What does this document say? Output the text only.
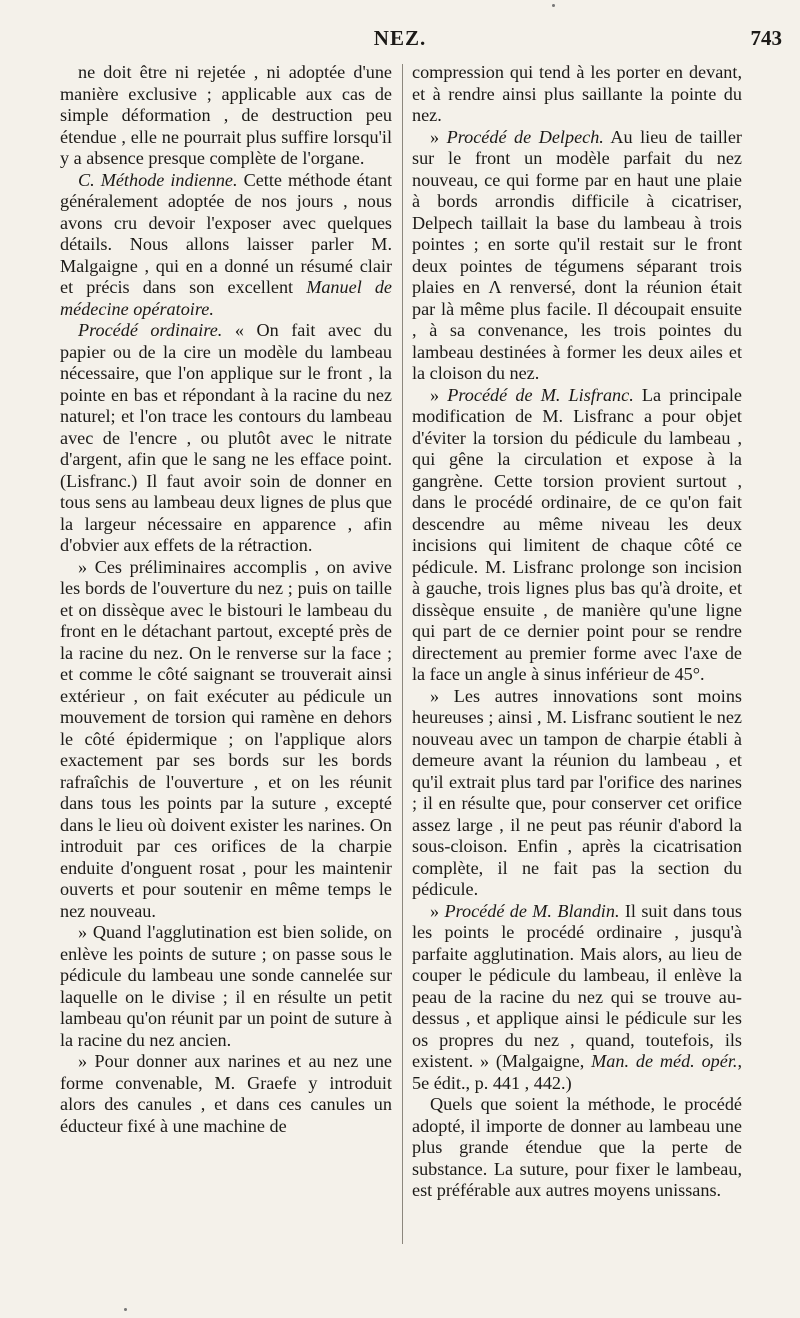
NEZ.	743

ne doit être ni rejetée , ni adoptée d'une manière exclusive ; applicable aux cas de simple déformation , de destruction peu étendue , elle ne pourrait plus suffire lorsqu'il y a absence presque complète de l'organe.

C. Méthode indienne. Cette méthode étant généralement adoptée de nos jours , nous avons cru devoir l'exposer avec quelques détails. Nous allons laisser parler M. Malgaigne , qui en a donné un résumé clair et précis dans son excellent Manuel de médecine opératoire.

Procédé ordinaire. « On fait avec du papier ou de la cire un modèle du lambeau nécessaire, que l'on applique sur le front , la pointe en bas et répondant à la racine du nez naturel; et l'on trace les contours du lambeau avec de l'encre , ou plutôt avec le nitrate d'argent, afin que le sang ne les efface point. (Lisfranc.) Il faut avoir soin de donner en tous sens au lambeau deux lignes de plus que la largeur nécessaire en apparence , afin d'obvier aux effets de la rétraction.

» Ces préliminaires accomplis , on avive les bords de l'ouverture du nez ; puis on taille et on dissèque avec le bistouri le lambeau du front en le détachant partout, excepté près de la racine du nez. On le renverse sur la face ; et comme le côté saignant se trouverait ainsi extérieur , on fait exécuter au pédicule un mouvement de torsion qui ramène en dehors le côté épidermique ; on l'applique alors exactement par ses bords sur les bords rafraîchis de l'ouverture , et on les réunit dans tous les points par la suture , excepté dans le lieu où doivent exister les narines. On introduit par ces orifices de la charpie enduite d'onguent rosat , pour les maintenir ouverts et pour soutenir en même temps le nez nouveau.

» Quand l'agglutination est bien solide, on enlève les points de suture ; on passe sous le pédicule du lambeau une sonde cannelée sur laquelle on le divise ; il en résulte un petit lambeau qu'on réunit par un point de suture à la racine du nez ancien.

» Pour donner aux narines et au nez une forme convenable, M. Graefe y introduit alors des canules , et dans ces canules un éducteur fixé à une machine de

compression qui tend à les porter en devant, et à rendre ainsi plus saillante la pointe du nez.

» Procédé de Delpech. Au lieu de tailler sur le front un modèle parfait du nez nouveau, ce qui forme par en haut une plaie à bords arrondis difficile à cicatriser, Delpech taillait la base du lambeau à trois pointes ; en sorte qu'il restait sur le front deux pointes de tégumens séparant trois plaies en Λ renversé, dont la réunion était par là même plus facile. Il découpait ensuite , à sa convenance, les trois pointes du lambeau destinées à former les deux ailes et la cloison du nez.

» Procédé de M. Lisfranc. La principale modification de M. Lisfranc a pour objet d'éviter la torsion du pédicule du lambeau , qui gêne la circulation et expose à la gangrène. Cette torsion provient surtout , dans le procédé ordinaire, de ce qu'on fait descendre au même niveau les deux incisions qui limitent de chaque côté ce pédicule. M. Lisfranc prolonge son incision à gauche, trois lignes plus bas qu'à droite, et dissèque ensuite , de manière qu'une ligne qui part de ce dernier point pour se rendre directement au premier forme avec l'axe de la face un angle à sinus inférieur de 45°.

» Les autres innovations sont moins heureuses ; ainsi , M. Lisfranc soutient le nez nouveau avec un tampon de charpie établi à demeure avant la réunion du lambeau , et qu'il extrait plus tard par l'orifice des narines ; il en résulte que, pour conserver cet orifice assez large , il ne peut pas réunir d'abord la sous-cloison. Enfin , après la cicatrisation complète, il ne fait pas la section du pédicule.

» Procédé de M. Blandin. Il suit dans tous les points le procédé ordinaire , jusqu'à parfaite agglutination. Mais alors, au lieu de couper le pédicule du lambeau, il enlève la peau de la racine du nez qui se trouve au-dessus , et applique ainsi le pédicule sur les os propres du nez , quand, toutefois, ils existent. » (Malgaigne, Man. de méd. opér., 5e édit., p. 441 , 442.)

Quels que soient la méthode, le procédé adopté, il importe de donner au lambeau une plus grande étendue que la perte de substance. La suture, pour fixer le lambeau, est préférable aux autres moyens unissans.
